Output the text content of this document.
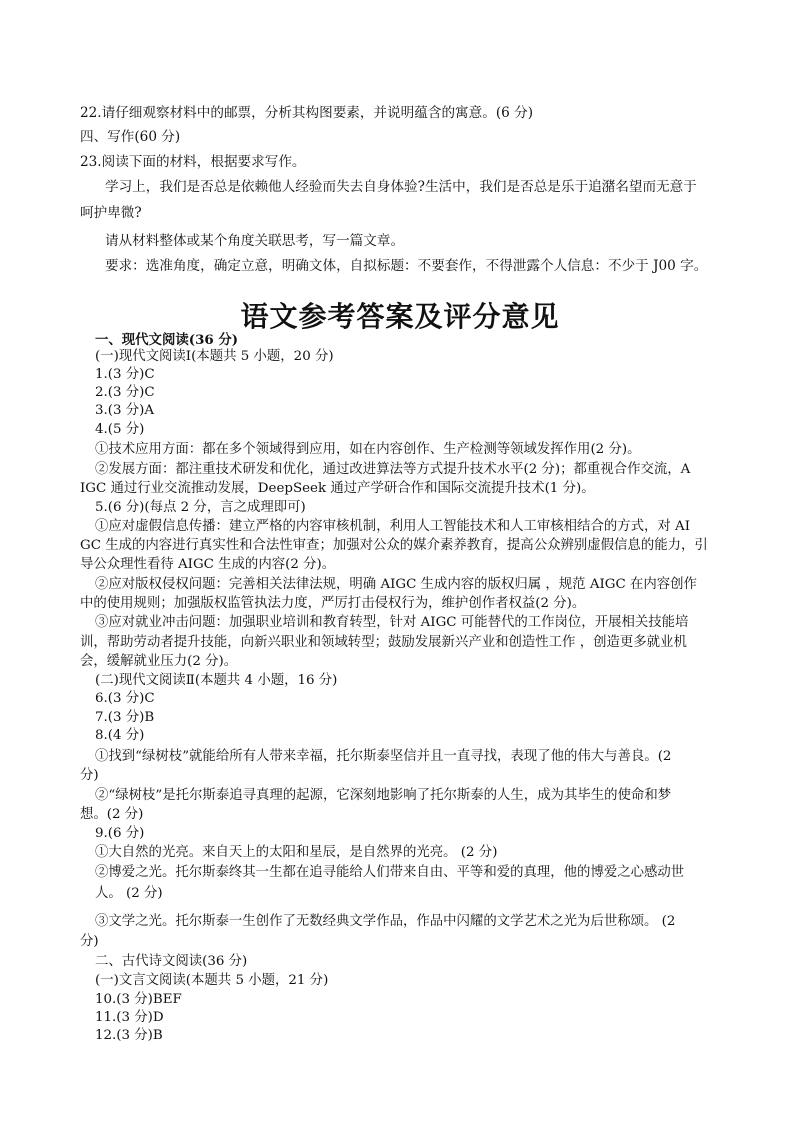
22.请仔细观察材料中的邮票，分析其构图要素，并说明蕴含的寓意。(6 分)
四、写作(60 分)
23.阅读下面的材料，根据要求写作。
学习上，我们是否总是依赖他人经验而失去自身体验?生活中，我们是否总是乐于追潴名望而无意于
呵护卑微?
请从材料整体或某个角度关联思考，写一篇文章。
要求：选准角度，确定立意，明确文体，自拟标题：不要套作，不得泄露个人信息：不少于 J00 字。
语文参考答案及评分意见
一、现代文阅读(36 分)
(一)现代文阅读Ⅰ(本题共 5 小题，20 分)
1.(3 分)C
2.(3 分)C
3.(3 分)A
4.(5 分)
①技术应用方面：都在多个领域得到应用，如在内容创作、生产检测等领域发挥作用(2 分)。
②发展方面：都注重技术研发和优化，通过改进算法等方式提升技术水平(2 分)；都重视合作交流，A
IGC 通过行业交流推动发展，DeepSeek 通过产学研合作和国际交流提升技术(1 分)。
5.(6 分)(每点 2 分，言之成理即可)
①应对虚假信息传播：建立严格的内容审核机制，利用人工智能技术和人工审核相结合的方式，对 AI
GC 生成的内容进行真实性和合法性审查；加强对公众的媒介素养教育，提高公众辨别虚假信息的能力，引
导公众理性看待 AIGC 生成的内容(2 分)。
②应对版权侵权问题：完善相关法律法规，明确 AIGC 生成内容的版权归属 ，规范 AIGC 在内容创作
中的使用规则；加强版权监管执法力度，严厉打击侵权行为，维护创作者权益(2 分)。
③应对就业冲击问题：加强职业培训和教育转型，针对 AIGC 可能替代的工作岗位，开展相关技能培
训，帮助劳动者提升技能，向新兴职业和领域转型；鼓励发展新兴产业和创造性工作 ，创造更多就业机
会，缓解就业压力(2 分)。
(二)现代文阅读Ⅱ(本题共 4 小题，16 分)
6.(3 分)C
7.(3 分)B
8.(4 分)
①找到“绿树枝”就能给所有人带来幸福，托尔斯泰坚信并且一直寻找，表现了他的伟大与善良。(2
分)
②“绿树枝”是托尔斯泰追寻真理的起源，它深刻地影响了托尔斯泰的人生，成为其毕生的使命和梦
想。(2 分)
9.(6 分)
①大自然的光亮。来自天上的太阳和星辰，是自然界的光亮。 (2 分)
②博爱之光。托尔斯泰终其一生都在追寻能给人们带来自由、平等和爱的真理，他的博爱之心感动世
人。 (2 分)
③文学之光。托尔斯泰一生创作了无数经典文学作品，作品中闪耀的文学艺术之光为后世称颂。 (2
分)
二、古代诗文阅读(36 分)
(一)文言文阅读(本题共 5 小题，21 分)
10.(3 分)BEF
11.(3 分)D
12.(3 分)B
